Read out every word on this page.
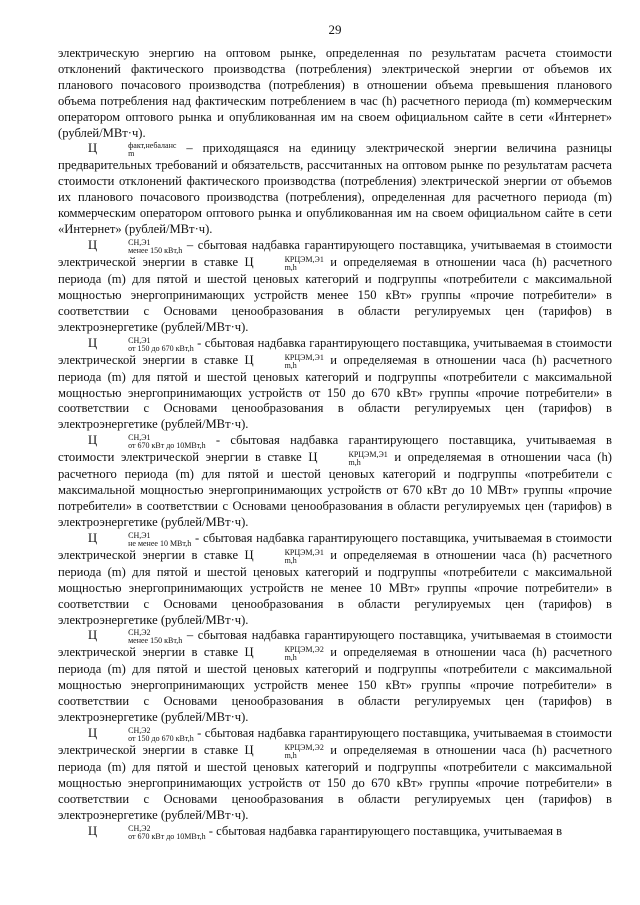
29

электрическую энергию на оптовом рынке, определенная по результатам расчета стоимости отклонений фактического производства (потребления) электрической энергии от объемов их планового почасового производства (потребления) в отношении объема превышения планового объема потребления над фактическим потреблением в час (h) расчетного периода (m) коммерческим оператором оптового рынка и опубликованная им на своем официальном сайте в сети «Интернет» (рублей/МВт·ч).

Ц	факт,небаланс
m	– приходящаяся на единицу электрической энергии величина разницы предварительных требований и обязательств, рассчитанных на оптовом рынке по результатам расчета стоимости отклонений фактического производства (потребления) электрической энергии от объемов их планового почасового производства (потребления), определенная для расчетного периода (m) коммерческим оператором оптового рынка и опубликованная им на своем официальном сайте в сети «Интернет» (рублей/МВт·ч).

Ц	СН,Э1
менее 150 кВт,h – сбытовая надбавка гарантирующего поставщика, учитываемая в стоимости электрической энергии в ставке Ц	КРЦЭМ,Э1
m,h	и определяемая в отношении часа (h) расчетного периода (m) для пятой и шестой ценовых категорий и подгруппы «потребители с максимальной мощностью энергопринимающих устройств менее 150 кВт» группы «прочие потребители» в соответствии с Основами ценообразования в области регулируемых цен (тарифов) в электроэнергетике (рублей/МВт·ч).

Ц	СН,Э1
от 150 до 670 кВт,h - сбытовая надбавка гарантирующего поставщика, учитываемая в стоимости электрической энергии в ставке Ц	КРЦЭМ,Э1
m,h	и определяемая в отношении часа (h) расчетного периода (m) для пятой и шестой ценовых категорий и подгруппы «потребители с максимальной мощностью энергопринимающих устройств от 150 до 670 кВт» группы «прочие потребители» в соответствии с Основами ценообразования в области регулируемых цен (тарифов) в электроэнергетике (рублей/МВт·ч).

Ц	СН,Э1
от 670 кВт до 10МВт,h - сбытовая надбавка гарантирующего поставщика, учитываемая в стоимости электрической энергии в ставке Ц	КРЦЭМ,Э1
m,h	и определяемая в отношении часа (h) расчетного периода (m) для пятой и шестой ценовых категорий и подгруппы «потребители с максимальной мощностью энергопринимающих устройств от 670 кВт до 10 МВт» группы «прочие потребители» в соответствии с Основами ценообразования в области регулируемых цен (тарифов) в электроэнергетике (рублей/МВт·ч).

Ц	СН,Э1
не менее 10 МВт,h - сбытовая надбавка гарантирующего поставщика, учитываемая в стоимости электрической энергии в ставке Ц	КРЦЭМ,Э1
m,h	и определяемая в отношении часа (h) расчетного периода (m) для пятой и шестой ценовых категорий и подгруппы «потребители с максимальной мощностью энергопринимающих устройств не менее 10 МВт» группы «прочие потребители» в соответствии с Основами ценообразования в области регулируемых цен (тарифов) в электроэнергетике (рублей/МВт·ч).

Ц	СН,Э2
менее 150 кВт,h – сбытовая надбавка гарантирующего поставщика, учитываемая в стоимости электрической энергии в ставке Ц	КРЦЭМ,Э2
m,h	и определяемая в отношении часа (h) расчетного периода (m) для пятой и шестой ценовых категорий и подгруппы «потребители с максимальной мощностью энергопринимающих устройств менее 150 кВт» группы «прочие потребители» в соответствии с Основами ценообразования в области регулируемых цен (тарифов) в электроэнергетике (рублей/МВт·ч).

Ц	СН,Э2
от 150 до 670 кВт,h - сбытовая надбавка гарантирующего поставщика, учитываемая в стоимости электрической энергии в ставке Ц	КРЦЭМ,Э2
m,h	и определяемая в отношении часа (h) расчетного периода (m) для пятой и шестой ценовых категорий и подгруппы «потребители с максимальной мощностью энергопринимающих устройств от 150 до 670 кВт» группы «прочие потребители» в соответствии с Основами ценообразования в области регулируемых цен (тарифов) в электроэнергетике (рублей/МВт·ч).

Ц	СН,Э2
от 670 кВт до 10МВт,h - сбытовая надбавка гарантирующего поставщика, учитываемая в
